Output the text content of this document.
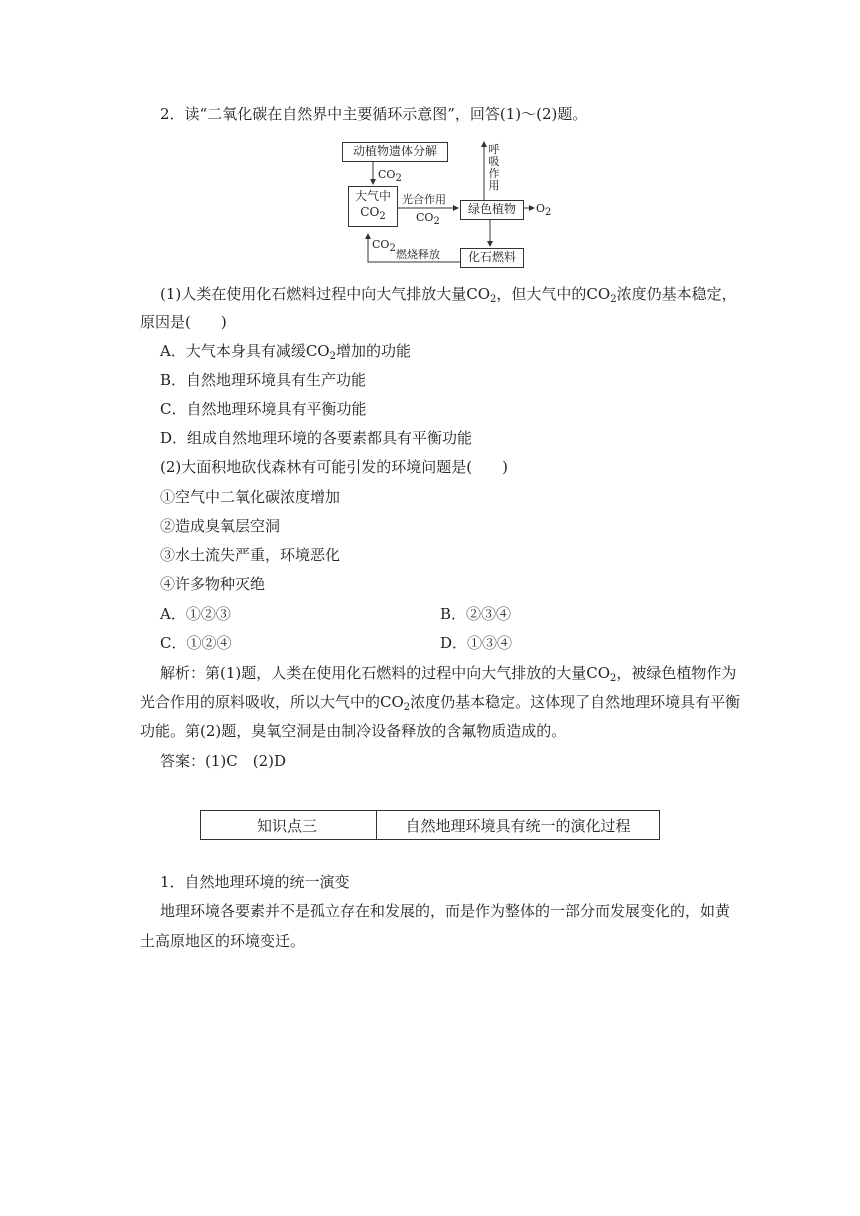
2．读“二氧化碳在自然界中主要循环示意图”，回答(1)～(2)题。
动植物遗体分解
$CO_2$
大气中
$CO_2$
光合作用
$CO_2$
绿色植物	$O_2$
呼
吸
作
用
化石燃料
$CO_2$ 燃烧释放
(1)人类在使用化石燃料过程中向大气排放大量$CO_2$，但大气中的$CO_2$浓度仍基本稳定，
原因是(　　)
A．大气本身具有减缓$CO_2$增加的功能
B．自然地理环境具有生产功能
C．自然地理环境具有平衡功能
D．组成自然地理环境的各要素都具有平衡功能
(2)大面积地砍伐森林有可能引发的环境问题是(　　)
①空气中二氧化碳浓度增加
②造成臭氧层空洞
③水土流失严重，环境恶化
④许多物种灭绝
A．①②③	B．②③④
C．①②④	D．①③④
解析：第(1)题，人类在使用化石燃料的过程中向大气排放的大量$CO_2$，被绿色植物作为
光合作用的原料吸收，所以大气中的$CO_2$浓度仍基本稳定。这体现了自然地理环境具有平衡
功能。第(2)题，臭氧空洞是由制冷设备释放的含氟物质造成的。
答案：(1)C　(2)D
知识点三	自然地理环境具有统一的演化过程
1．自然地理环境的统一演变
地理环境各要素并不是孤立存在和发展的，而是作为整体的一部分而发展变化的，如黄
土高原地区的环境变迁。
